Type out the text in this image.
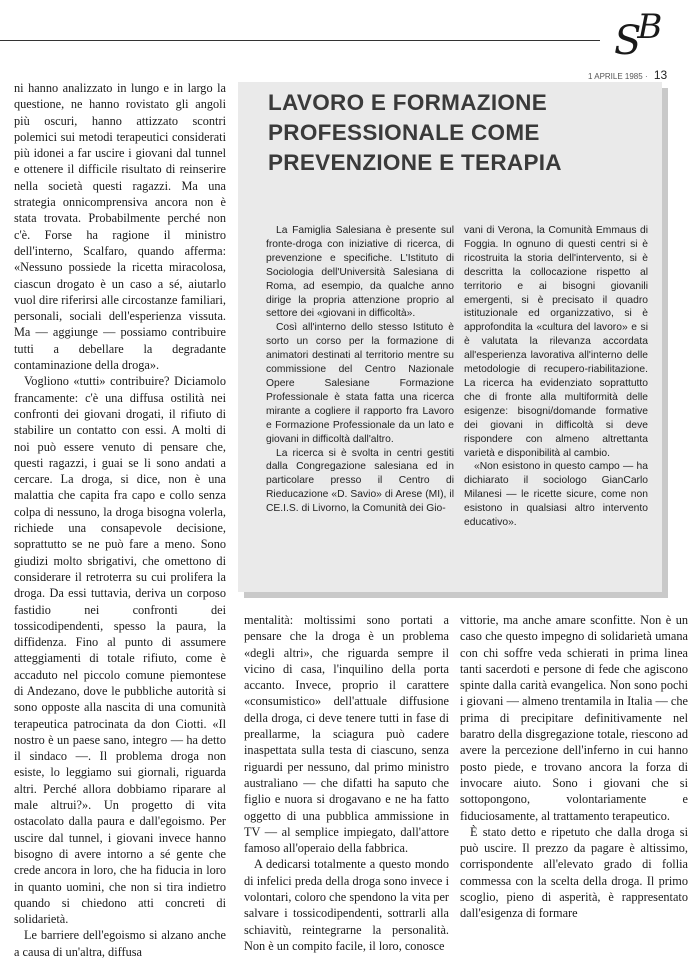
SB
1 APRILE 1985 · 13

ni hanno analizzato in lungo e in largo la questione, ne hanno rovistato gli angoli più oscuri, hanno attizzato scontri polemici sui metodi terapeutici considerati più idonei a far uscire i giovani dal tunnel e ottenere il difficile risultato di reinserire nella società questi ragazzi. Ma una strategia onnicomprensiva ancora non è stata trovata. Probabilmente perché non c'è. Forse ha ragione il ministro dell'interno, Scalfaro, quando afferma: «Nessuno possiede la ricetta miracolosa, ciascun drogato è un caso a sé, aiutarlo vuol dire riferirsi alle circostanze familiari, personali, sociali dell'esperienza vissuta. Ma — aggiunge — possiamo contribuire tutti a debellare la degradante contaminazione della droga».

Vogliono «tutti» contribuire? Diciamolo francamente: c'è una diffusa ostilità nei confronti dei giovani drogati, il rifiuto di stabilire un contatto con essi. A molti di noi può essere venuto di pensare che, questi ragazzi, i guai se li sono andati a cercare. La droga, si dice, non è una malattia che capita fra capo e collo senza colpa di nessuno, la droga bisogna volerla, richiede una consapevole decisione, soprattutto se ne può fare a meno. Sono giudizi molto sbrigativi, che omettono di considerare il retroterra su cui prolifera la droga. Da essi tuttavia, deriva un corposo fastidio nei confronti dei tossicodipendenti, spesso la paura, la diffidenza. Fino al punto di assumere atteggiamenti di totale rifiuto, come è accaduto nel piccolo comune piemontese di Andezano, dove le pubbliche autorità si sono opposte alla nascita di una comunità terapeutica patrocinata da don Ciotti. «Il nostro è un paese sano, integro — ha detto il sindaco —. Il problema droga non esiste, lo leggiamo sui giornali, riguarda altri. Perché allora dobbiamo riparare al male altrui?». Un progetto di vita ostacolato dalla paura e dall'egoismo. Per uscire dal tunnel, i giovani invece hanno bisogno di avere intorno a sé gente che crede ancora in loro, che ha fiducia in loro in quanto uomini, che non si tira indietro quando si chiedono atti concreti di solidarietà.

Le barriere dell'egoismo si alzano anche a causa di un'altra, diffusa

LAVORO E FORMAZIONE PROFESSIONALE COME PREVENZIONE E TERAPIA

La Famiglia Salesiana è presente sul fronte-droga con iniziative di ricerca, di prevenzione e specifiche. L'Istituto di Sociologia dell'Università Salesiana di Roma, ad esempio, da qualche anno dirige la propria attenzione proprio al settore dei «giovani in difficoltà».

Così all'interno dello stesso Istituto è sorto un corso per la formazione di animatori destinati al territorio mentre su commissione del Centro Nazionale Opere Salesiane Formazione Professionale è stata fatta una ricerca mirante a cogliere il rapporto fra Lavoro e Formazione Professionale da un lato e giovani in difficoltà dall'altro.

La ricerca si è svolta in centri gestiti dalla Congregazione salesiana ed in particolare presso il Centro di Rieducazione «D. Savio» di Arese (MI), il CE.I.S. di Livorno, la Comunità dei Gio-

vani di Verona, la Comunità Emmaus di Foggia. In ognuno di questi centri si è ricostruita la storia dell'intervento, si è descritta la collocazione rispetto al territorio e ai bisogni giovanili emergenti, si è precisato il quadro istituzionale ed organizzativo, si è approfondita la «cultura del lavoro» e si è valutata la rilevanza accordata all'esperienza lavorativa all'interno delle metodologie di recupero-riabilitazione. La ricerca ha evidenziato soprattutto che di fronte alla multiformità delle esigenze: bisogni/domande formative dei giovani in difficoltà si deve rispondere con almeno altrettanta varietà e disponibilità al cambio.

«Non esistono in questo campo — ha dichiarato il sociologo GianCarlo Milanesi — le ricette sicure, come non esistono in qualsiasi altro intervento educativo».

mentalità: moltissimi sono portati a pensare che la droga è un problema «degli altri», che riguarda sempre il vicino di casa, l'inquilino della porta accanto. Invece, proprio il carattere «consumistico» dell'attuale diffusione della droga, ci deve tenere tutti in fase di preallarme, la sciagura può cadere inaspettata sulla testa di ciascuno, senza riguardi per nessuno, dal primo ministro australiano — che difatti ha saputo che figlio e nuora si drogavano e ne ha fatto oggetto di una pubblica ammissione in TV — al semplice impiegato, dall'attore famoso all'operaio della fabbrica.

A dedicarsi totalmente a questo mondo di infelici preda della droga sono invece i volontari, coloro che spendono la vita per salvare i tossicodipendenti, sottrarli alla schiavitù, reintegrarne la personalità. Non è un compito facile, il loro, conosce

vittorie, ma anche amare sconfitte. Non è un caso che questo impegno di solidarietà umana con chi soffre veda schierati in prima linea tanti sacerdoti e persone di fede che agiscono spinte dalla carità evangelica. Non sono pochi i giovani — almeno trentamila in Italia — che prima di precipitare definitivamente nel baratro della disgregazione totale, riescono ad avere la percezione dell'inferno in cui hanno posto piede, e trovano ancora la forza di invocare aiuto. Sono i giovani che si sottopongono, volontariamente e fiduciosamente, al trattamento terapeutico.

È stato detto e ripetuto che dalla droga si può uscire. Il prezzo da pagare è altissimo, corrispondente all'elevato grado di follia commessa con la scelta della droga. Il primo scoglio, pieno di asperità, è rappresentato dall'esigenza di formare
